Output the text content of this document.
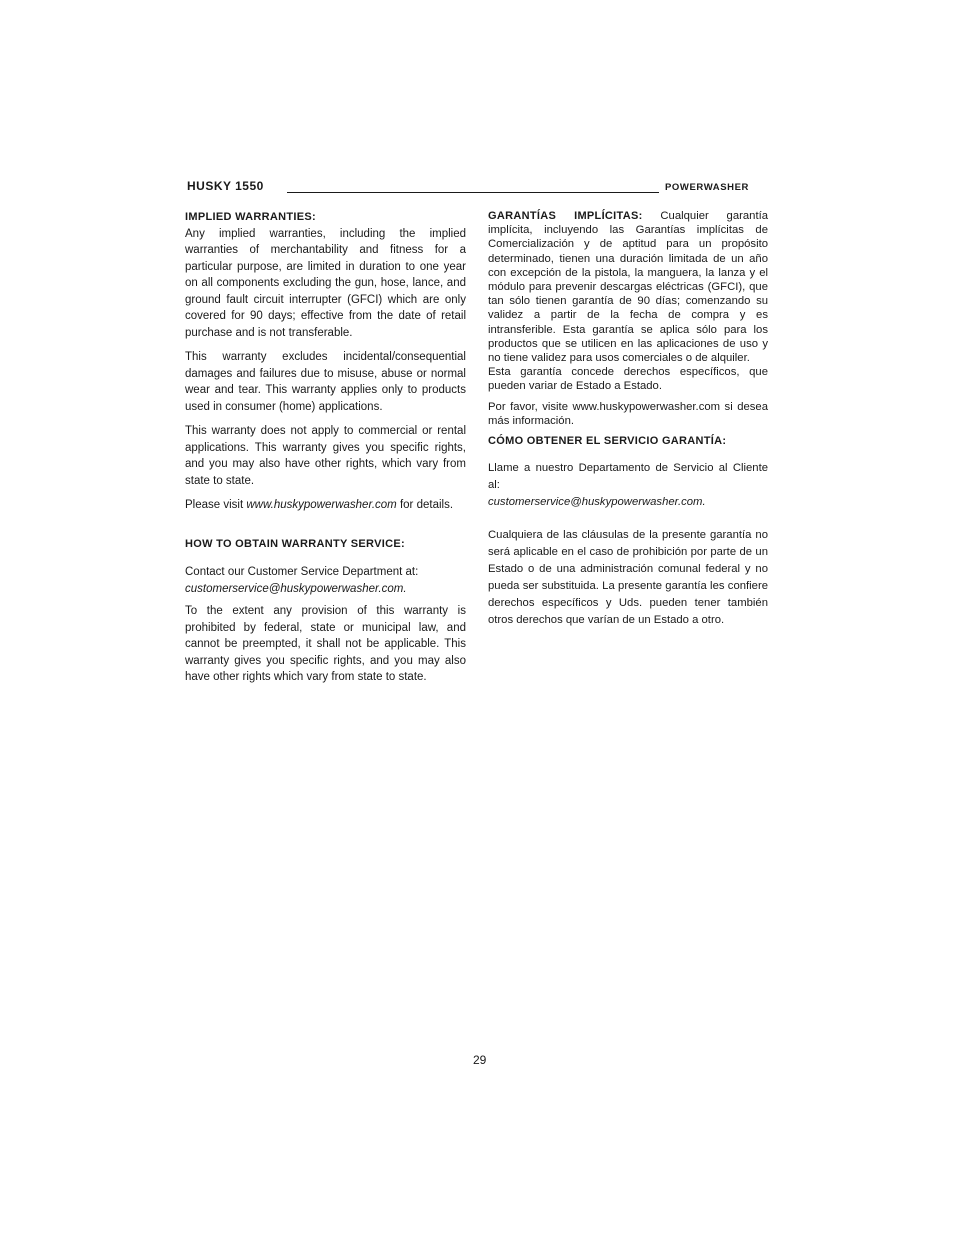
HUSKY 1550	POWERWASHER

IMPLIED WARRANTIES:

Any implied warranties, including the implied warranties of merchantability and fitness for a particular purpose, are limited in duration to one year on all components excluding the gun, hose, lance, and ground fault circuit interrupter (GFCI) which are only covered for 90 days; effective from the date of retail purchase and is not transferable.

This warranty excludes incidental/consequential damages and failures due to misuse, abuse or normal wear and tear. This warranty applies only to products used in consumer (home) applications.

This warranty does not apply to commercial or rental applications. This warranty gives you specific rights, and you may also have other rights, which vary from state to state.

Please visit www.huskypowerwasher.com for details.

HOW TO OBTAIN WARRANTY SERVICE:

Contact our Customer Service Department at:

customerservice@huskypowerwasher.com.

To the extent any provision of this warranty is prohibited by federal, state or municipal law, and cannot be preempted, it shall not be applicable. This warranty gives you specific rights, and you may also have other rights which vary from state to state.

GARANTÍAS IMPLÍCITAS: Cualquier garantía implícita, incluyendo las Garantías implícitas de Comercialización y de aptitud para un propósito determinado, tienen una duración limitada de un año con excepción de la pistola, la manguera, la lanza y el módulo para prevenir descargas eléctricas (GFCI), que tan sólo tienen garantía de 90 días; comenzando su validez a partir de la fecha de compra y es intransferible. Esta garantía se aplica sólo para los productos que se utilicen en las aplicaciones de uso y no tiene validez para usos comerciales o de alquiler.

Esta garantía concede derechos específicos, que pueden variar de Estado a Estado.

Por favor, visite www.huskypowerwasher.com si desea más información.

CÓMO OBTENER EL SERVICIO GARANTÍA:

Llame a nuestro Departamento de Servicio al Cliente al:

customerservice@huskypowerwasher.com.

Cualquiera de las cláusulas de la presente garantía no será aplicable en el caso de prohibición por parte de un Estado o de una administración comunal federal y no pueda ser substituida. La presente garantía les confiere derechos específicos y Uds. pueden tener también otros derechos que varían de un Estado a otro.

29
